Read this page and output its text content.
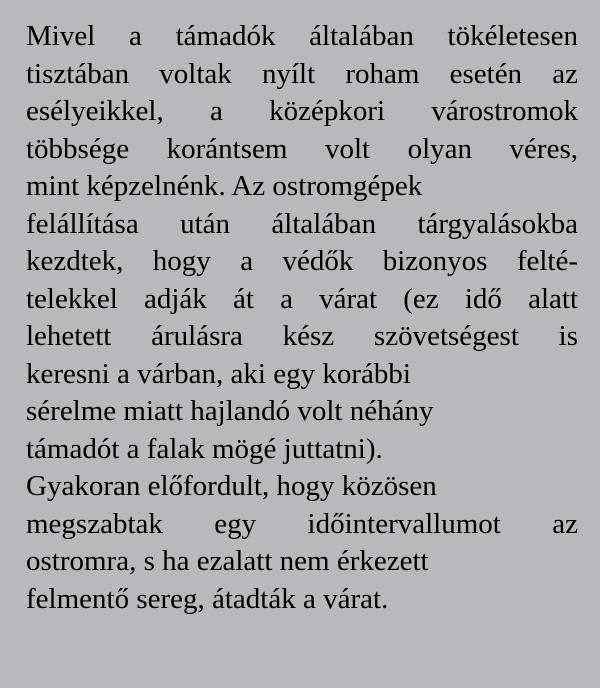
Mivel a támadók általában tökéletesen
tisztában voltak nyílt roham esetén az
esélyeikkel, a középkori várostromok
többsége korántsem volt olyan véres,
mint képzelnénk. Az ostromgépek
felállítása után általában tárgyalásokba
kezdtek, hogy a védők bizonyos felté-
telekkel adják át a várat (ez idő alatt
lehetett árulásra kész szövetségest is
keresni a várban, aki egy korábbi
sérelme miatt hajlandó volt néhány
támadót a falak mögé juttatni).
Gyakoran előfordult, hogy közösen
megszabtak egy időintervallumot az
ostromra, s ha ezalatt nem érkezett
felmentő sereg, átadták a várat.
